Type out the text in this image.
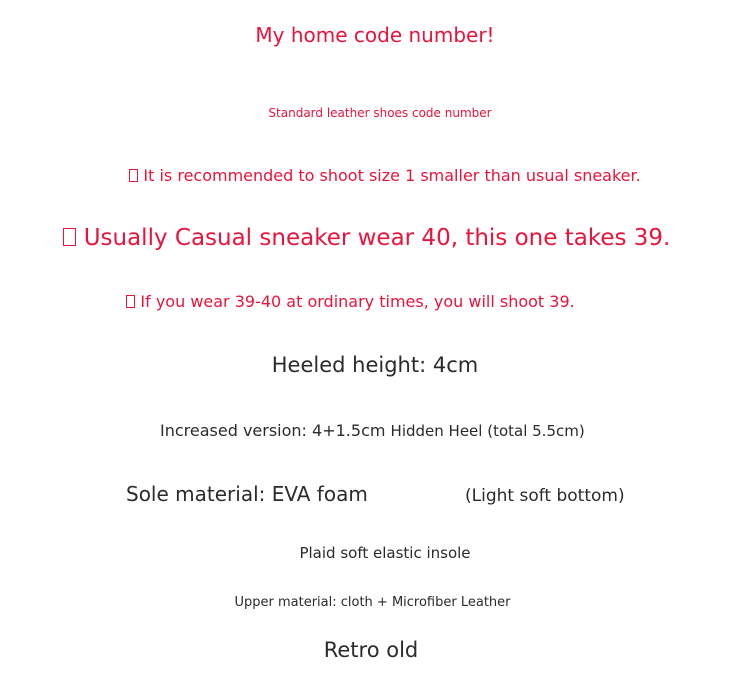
My home code number!

Standard leather shoes code number

It is recommended to shoot size 1 smaller than usual sneaker.

Usually Casual sneaker wear 40, this one takes 39.

If you wear 39-40 at ordinary times, you will shoot 39.

Heeled height: 4cm

Increased version: 4+1.5cm Hidden Heel (total 5.5cm)

Sole material: EVA foam	(Light soft bottom)

Plaid soft elastic insole

Upper material: cloth + Microfiber Leather

Retro old
